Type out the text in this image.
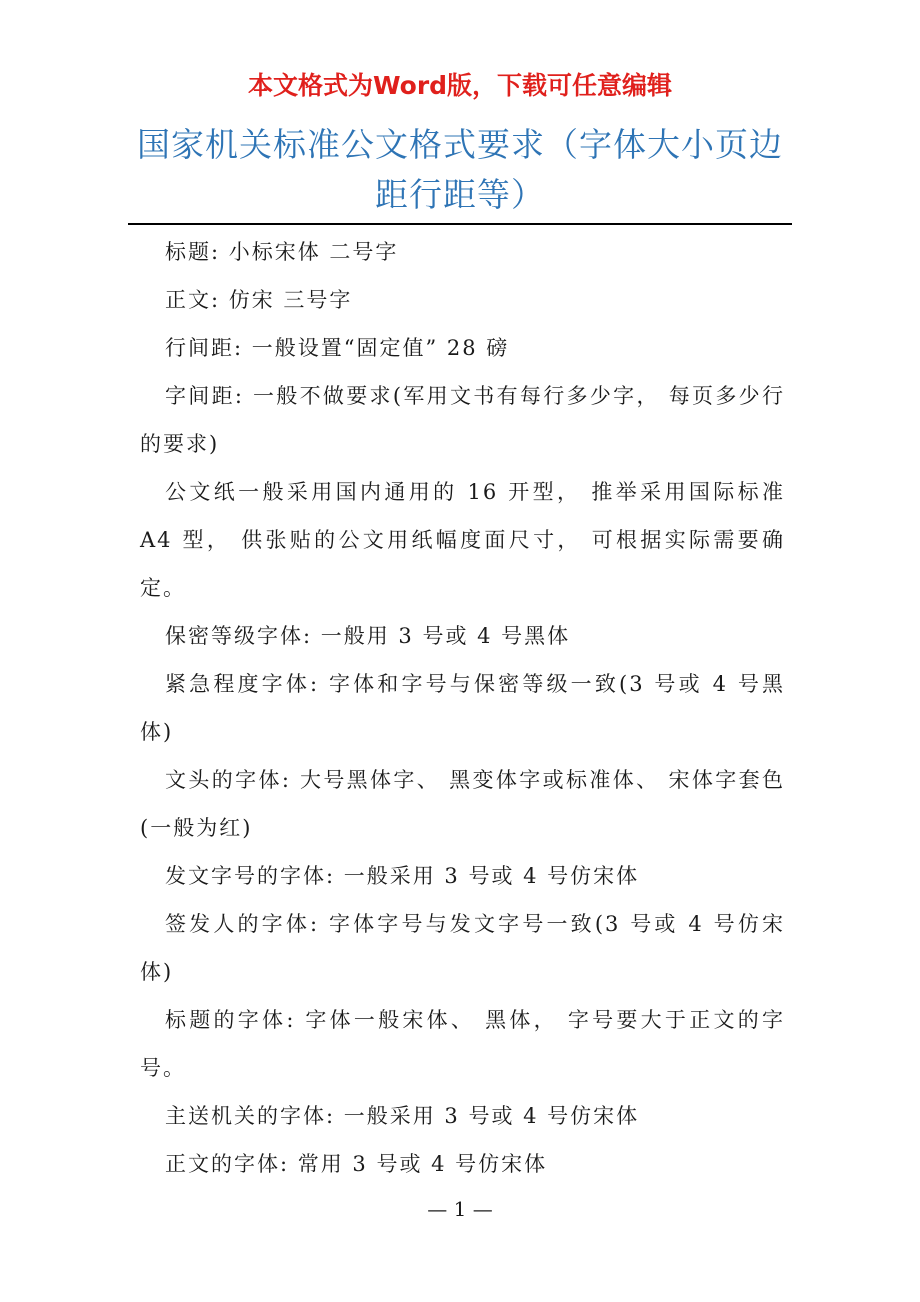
本文格式为Word版，下载可任意编辑
国家机关标准公文格式要求（字体大小页边
距行距等）

标题: 小标宋体 二号字

正文: 仿宋 三号字

行间距: 一般设置“固定值” 28 磅

字间距: 一般不做要求(军用文书有每行多少字， 每页多少行的要求)

公文纸一般采用国内通用的 16 开型， 推举采用国际标准 A4 型， 供张贴的公文用纸幅度面尺寸， 可根据实际需要确定。

保密等级字体: 一般用 3 号或 4 号黑体

紧急程度字体: 字体和字号与保密等级一致(3 号或 4 号黑体)

文头的字体: 大号黑体字、 黑变体字或标准体、 宋体字套色(一般为红)

发文字号的字体: 一般采用 3 号或 4 号仿宋体

签发人的字体: 字体字号与发文字号一致(3 号或 4 号仿宋体)

标题的字体: 字体一般宋体、 黑体， 字号要大于正文的字号。

主送机关的字体: 一般采用 3 号或 4 号仿宋体

正文的字体: 常用 3 号或 4 号仿宋体

— 1 —
